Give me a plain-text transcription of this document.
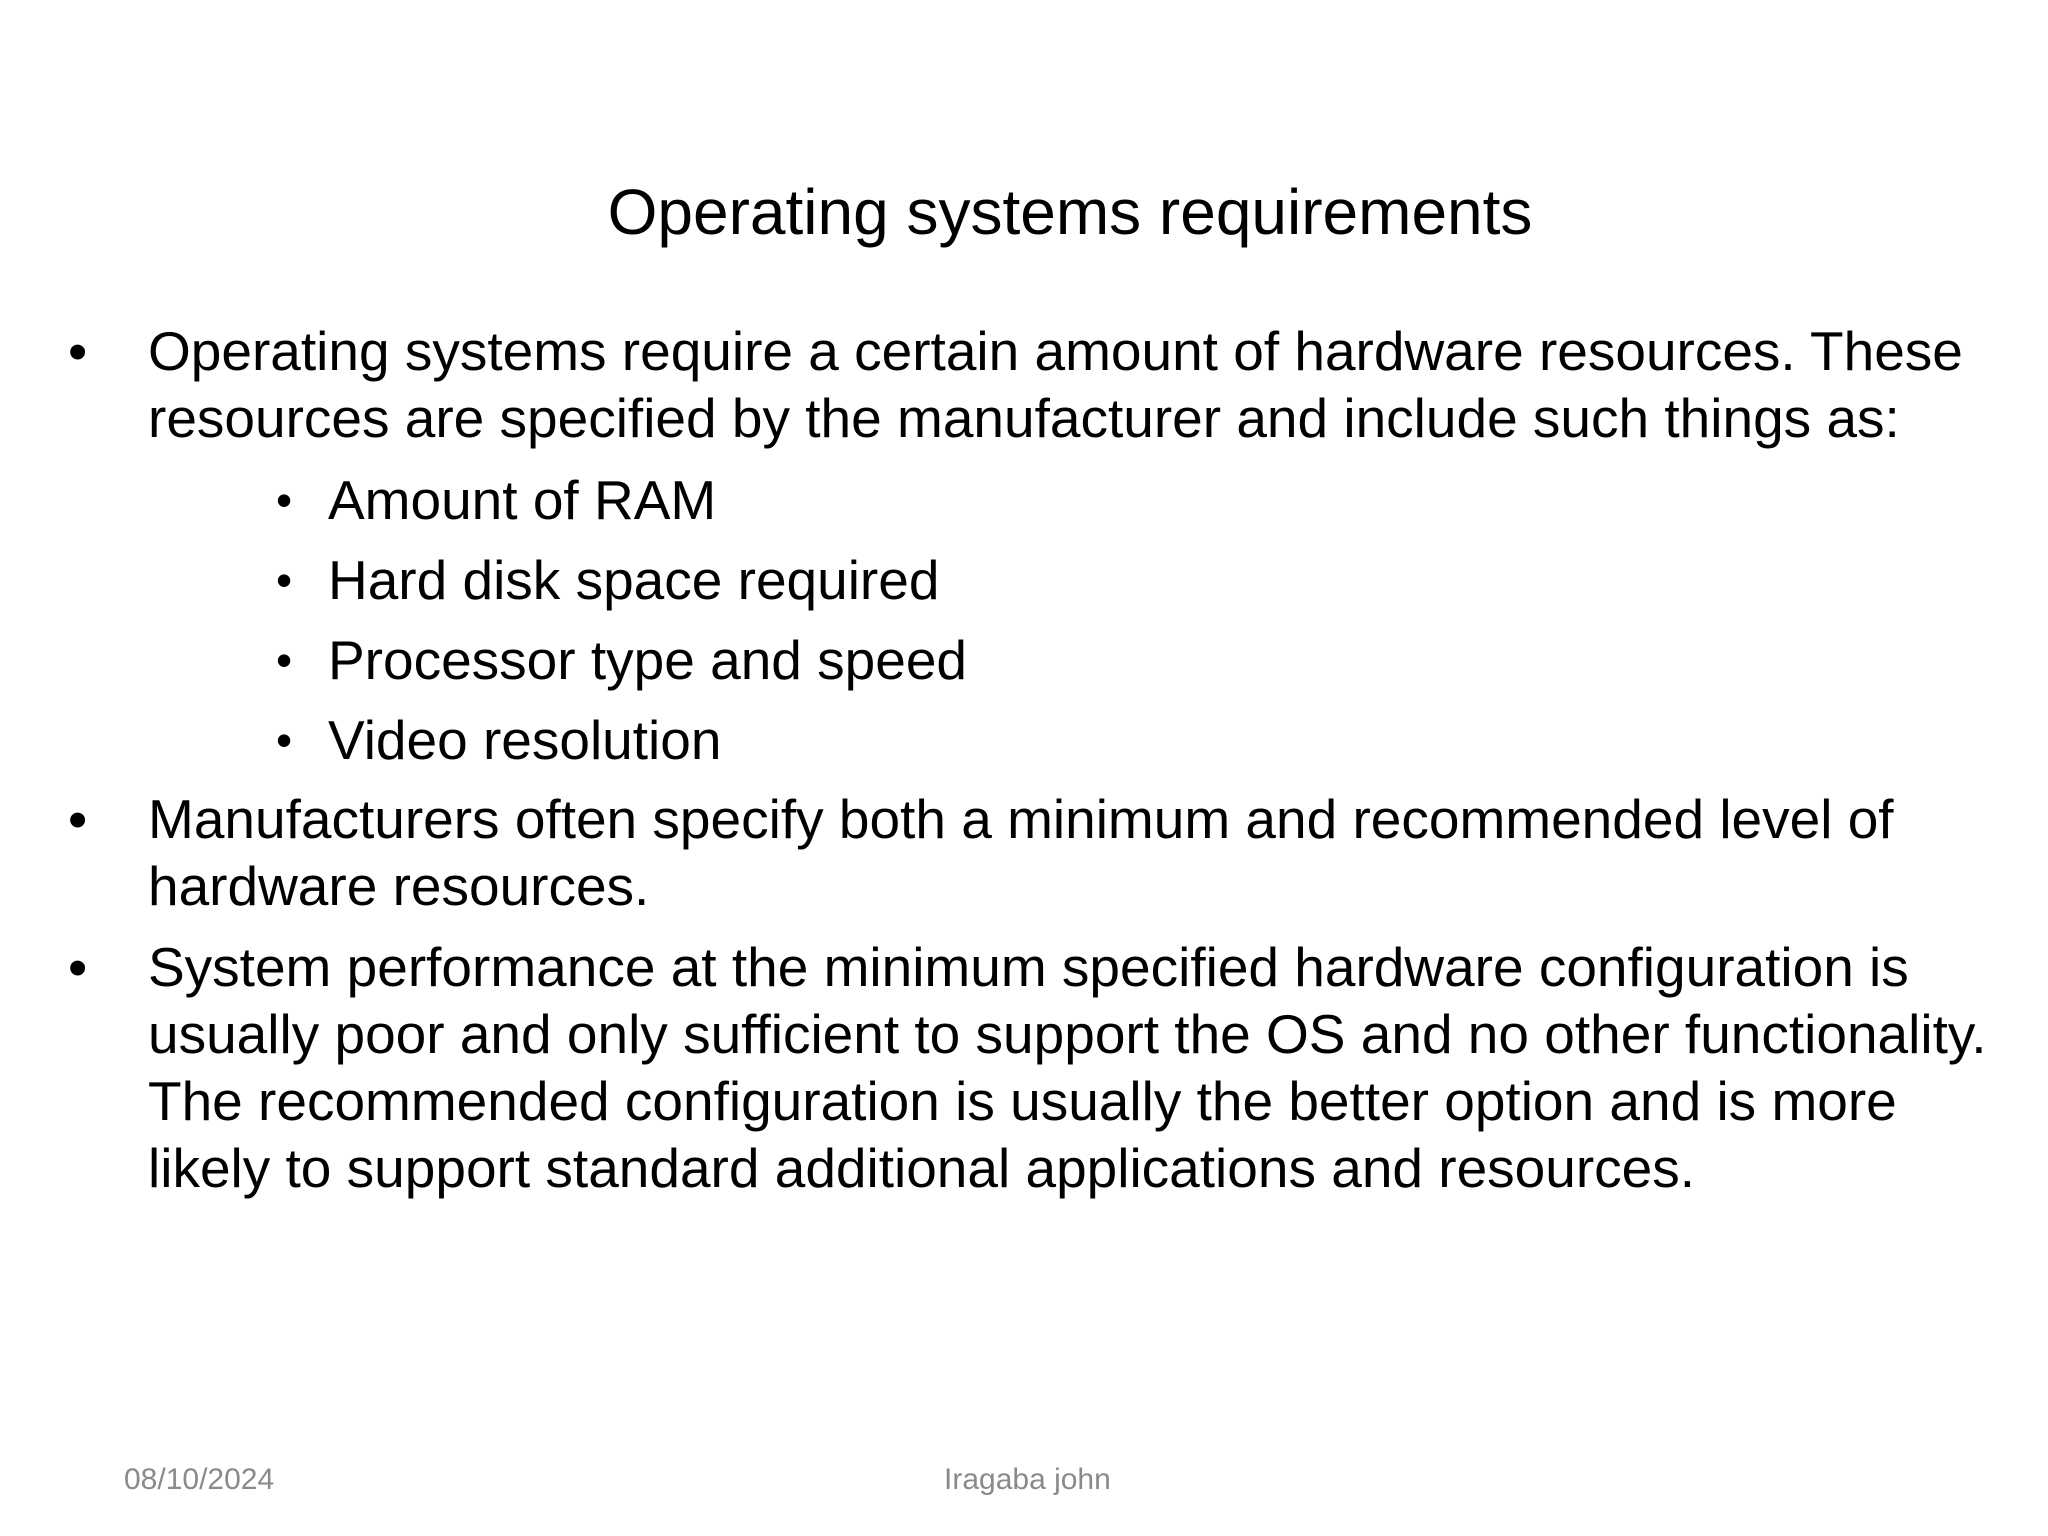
Operating systems requirements
•	Operating systems require a certain amount of hardware resources. These resources are specified by the manufacturer and include such things as:
• Amount of RAM
• Hard disk space required
• Processor type and speed
• Video resolution
•	Manufacturers often specify both a minimum and recommended level of hardware resources.
•	System performance at the minimum specified hardware configuration is usually poor and only sufficient to support the OS and no other functionality. The recommended configuration is usually the better option and is more likely to support standard additional applications and resources.
08/10/2024	Iragaba john
